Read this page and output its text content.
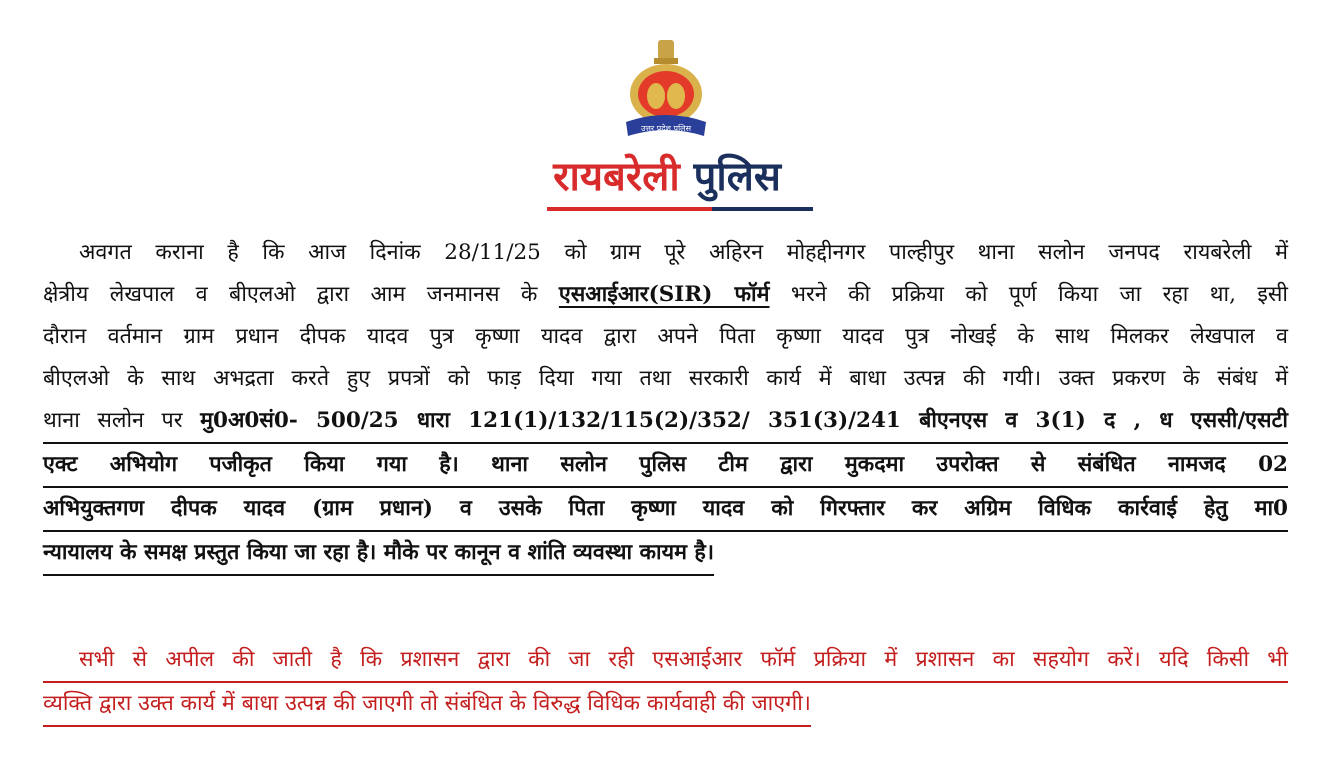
उत्तर प्रदेश पुलिस
रायबरेली पुलिस
अवगत कराना है कि आज दिनांक 28/11/25 को ग्राम पूरे अहिरन मोहद्दीनगर पाल्हीपुर थाना सलोन जनपद रायबरेली में
क्षेत्रीय लेखपाल व बीएलओ द्वारा आम जनमानस के एसआईआर(SIR) फॉर्म भरने की प्रक्रिया को पूर्ण किया जा रहा था, इसी
दौरान वर्तमान ग्राम प्रधान दीपक यादव पुत्र कृष्णा यादव द्वारा अपने पिता कृष्णा यादव पुत्र नोखई के साथ मिलकर लेखपाल व
बीएलओ के साथ अभद्रता करते हुए प्रपत्रों को फाड़ दिया गया तथा सरकारी कार्य में बाधा उत्पन्न की गयी। उक्त प्रकरण के संबंध में
थाना सलोन पर मु0अ0सं0- 500/25 धारा 121(1)/132/115(2)/352/ 351(3)/241 बीएनएस व 3(1) द , ध एससी/एसटी
एक्ट अभियोग पजीकृत किया गया है। थाना सलोन पुलिस टीम द्वारा मुकदमा उपरोक्त से संबंधित नामजद 02
अभियुक्तगण दीपक यादव (ग्राम प्रधान) व उसके पिता कृष्णा यादव को गिरफ्तार कर अग्रिम विधिक कार्रवाई हेतु मा0
न्यायालय के समक्ष प्रस्तुत किया जा रहा है। मौके पर कानून व शांति व्यवस्था कायम है।
सभी से अपील की जाती है कि प्रशासन द्वारा की जा रही एसआईआर फॉर्म प्रक्रिया में प्रशासन का सहयोग करें। यदि किसी भी
व्यक्ति द्वारा उक्त कार्य में बाधा उत्पन्न की जाएगी तो संबंधित के विरुद्ध विधिक कार्यवाही की जाएगी।
